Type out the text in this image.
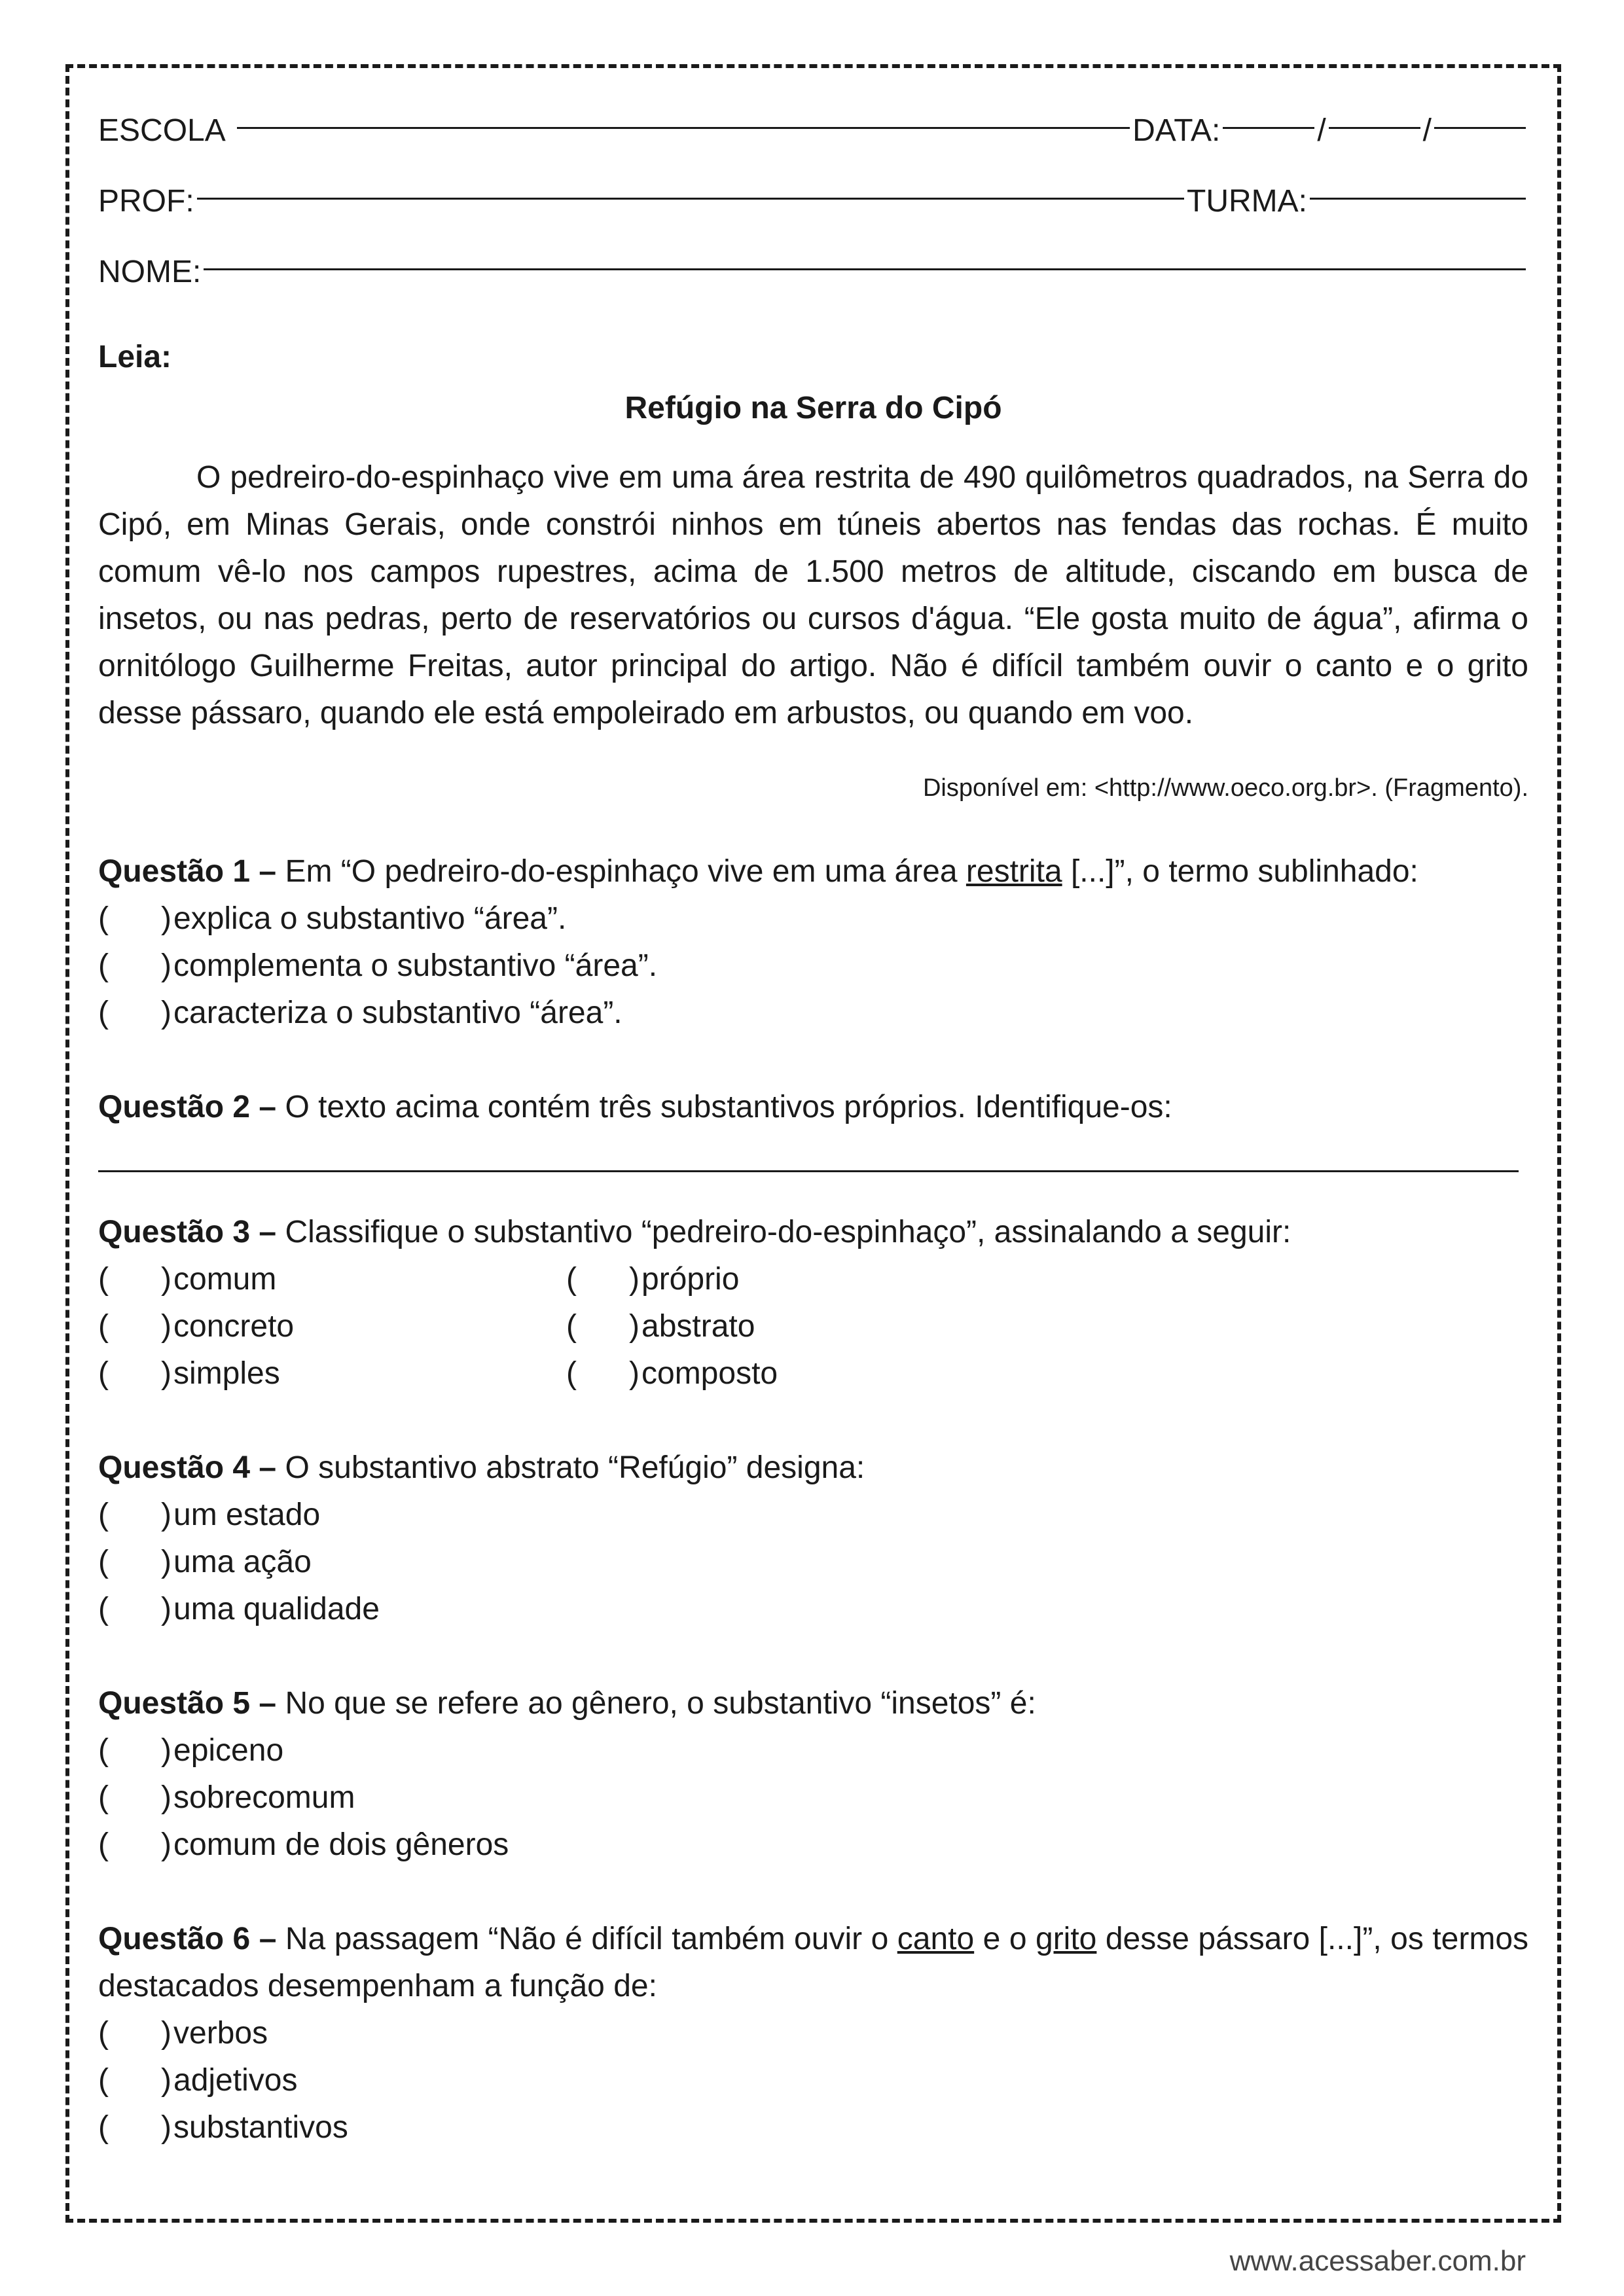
ESCOLA
	DATA:	/	/
PROF:	TURMA:
NOME:
Leia:
Refúgio na Serra do Cipó
O pedreiro-do-espinhaço vive em uma área restrita de 490 quilômetros quadrados, na Serra do Cipó, em Minas Gerais, onde constrói ninhos em túneis abertos nas fendas das rochas. É muito comum vê-lo nos campos rupestres, acima de 1.500 metros de altitude, ciscando em busca de insetos, ou nas pedras, perto de reservatórios ou cursos d'água. “Ele gosta muito de água”, afirma o ornitólogo Guilherme Freitas, autor principal do artigo. Não é difícil também ouvir o canto e o grito desse pássaro, quando ele está empoleirado em arbustos, ou quando em voo.
Disponível em: <http://www.oeco.org.br>. (Fragmento).
Questão 1 – Em “O pedreiro-do-espinhaço vive em uma área restrita [...]”, o termo sublinhado:
(      ) explica o substantivo “área”.
(      ) complementa o substantivo “área”.
(      ) caracteriza o substantivo “área”.
Questão 2 – O texto acima contém três substantivos próprios. Identifique-os:
Questão 3 – Classifique o substantivo “pedreiro-do-espinhaço”, assinalando a seguir:
(      ) comum	(      ) próprio
(      ) concreto	(      ) abstrato
(      ) simples	(      ) composto
Questão 4 – O substantivo abstrato “Refúgio” designa:
(      ) um estado
(      ) uma ação
(      ) uma qualidade
Questão 5 – No que se refere ao gênero, o substantivo “insetos” é:
(      ) epiceno
(      ) sobrecomum
(      ) comum de dois gêneros
Questão 6 – Na passagem “Não é difícil também ouvir o canto e o grito desse pássaro [...]”, os termos destacados desempenham a função de:
(      ) verbos
(      ) adjetivos
(      ) substantivos
www.acessaber.com.br
